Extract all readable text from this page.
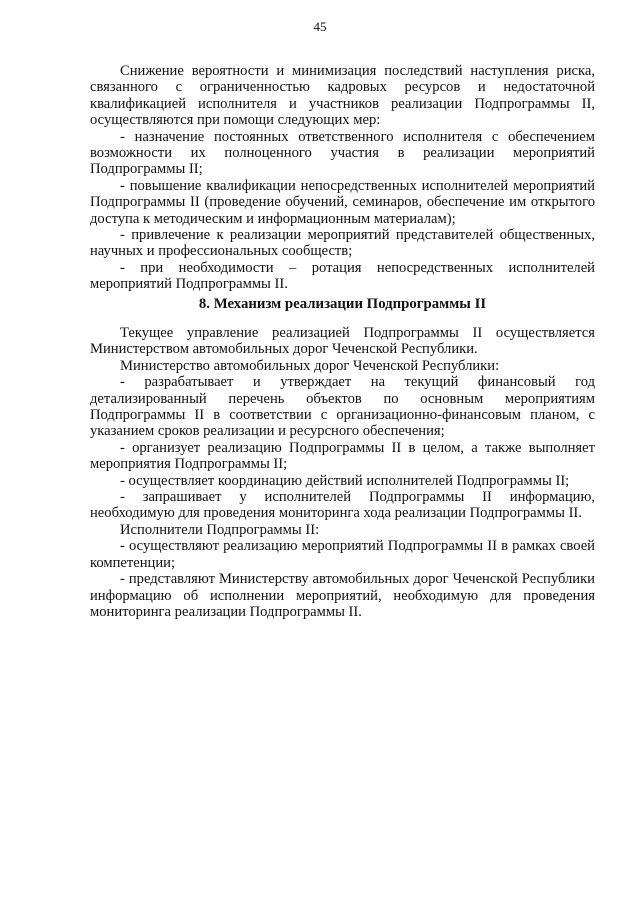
45

Снижение вероятности и минимизация последствий наступления риска, связанного с ограниченностью кадровых ресурсов и недостаточной квалификацией исполнителя и участников реализации Подпрограммы II, осуществляются при помощи следующих мер:

- назначение постоянных ответственного исполнителя с обеспечением возможности их полноценного участия в реализации мероприятий Подпрограммы II;

- повышение квалификации непосредственных исполнителей мероприятий Подпрограммы II (проведение обучений, семинаров, обеспечение им открытого доступа к методическим и информационным материалам);

- привлечение к реализации мероприятий представителей общественных, научных и профессиональных сообществ;

- при необходимости – ротация непосредственных исполнителей мероприятий Подпрограммы II.

8. Механизм реализации Подпрограммы II

Текущее управление реализацией Подпрограммы II осуществляется Министерством автомобильных дорог Чеченской Республики.

Министерство автомобильных дорог Чеченской Республики:

- разрабатывает и утверждает на текущий финансовый год детализированный перечень объектов по основным мероприятиям Подпрограммы II в соответствии с организационно-финансовым планом, с указанием сроков реализации и ресурсного обеспечения;

- организует реализацию Подпрограммы II в целом, а также выполняет мероприятия Подпрограммы II;

- осуществляет координацию действий исполнителей Подпрограммы II;

- запрашивает у исполнителей Подпрограммы II информацию, необходимую для проведения мониторинга хода реализации Подпрограммы II.

Исполнители Подпрограммы II:

- осуществляют реализацию мероприятий Подпрограммы II в рамках своей компетенции;

- представляют Министерству автомобильных дорог Чеченской Республики информацию об исполнении мероприятий, необходимую для проведения мониторинга реализации Подпрограммы II.
